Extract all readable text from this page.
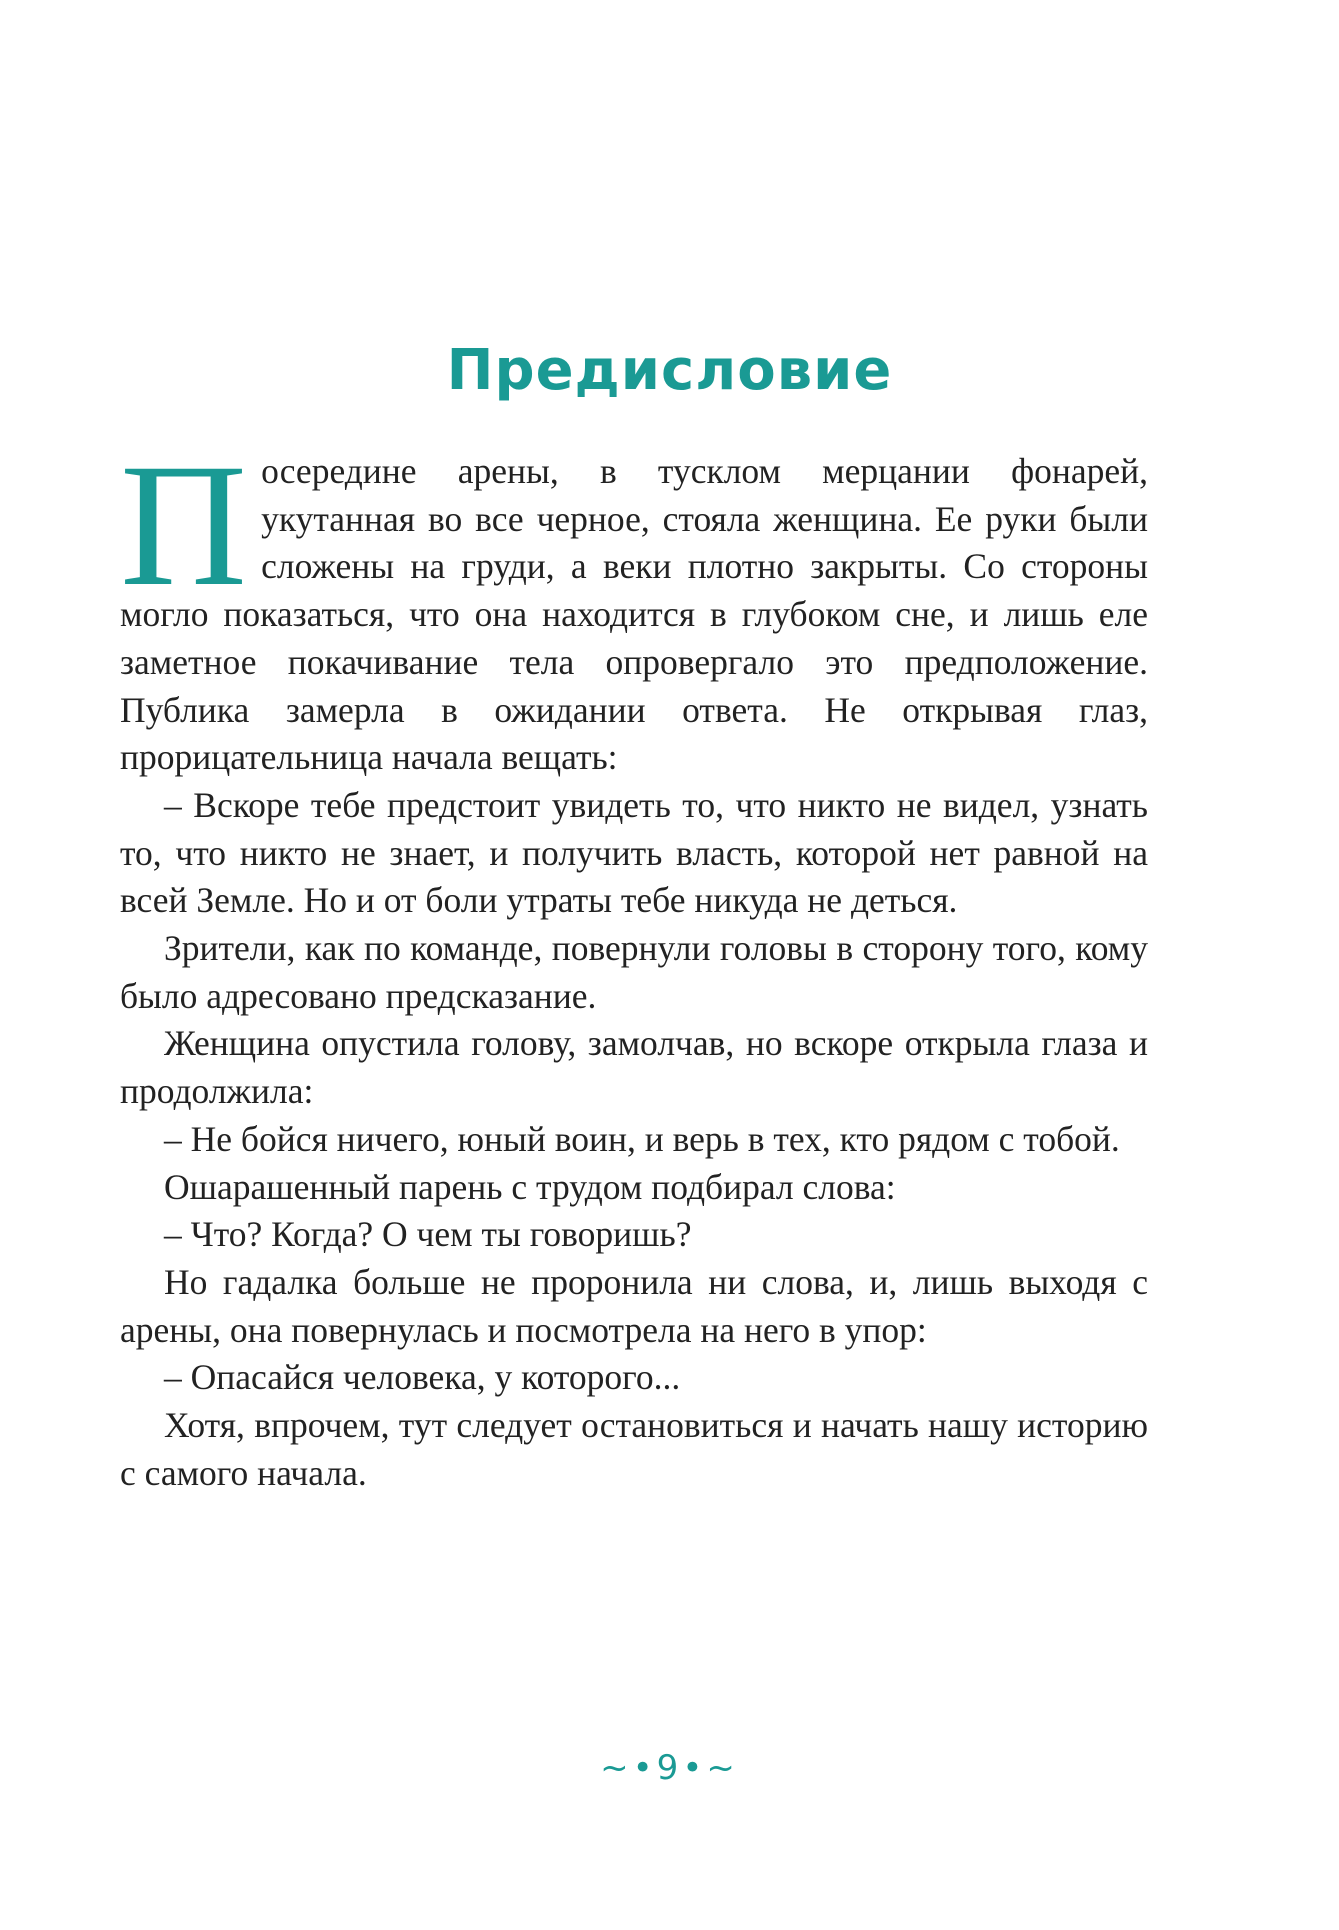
Предисловие

Посередине арены, в тусклом мерцании фонарей, укутанная во все черное, стояла женщина. Ее руки были сложены на груди, а веки плотно закрыты. Со стороны могло показаться, что она находится в глубоком сне, и лишь еле заметное покачивание тела опровергало это предположение. Публика замерла в ожидании ответа. Не открывая глаз, прорицательница начала вещать:

– Вскоре тебе предстоит увидеть то, что никто не видел, узнать то, что никто не знает, и получить власть, которой нет равной на всей Земле. Но и от боли утраты тебе никуда не деться.

Зрители, как по команде, повернули головы в сторону того, кому было адресовано предсказание.

Женщина опустила голову, замолчав, но вскоре открыла глаза и продолжила:

– Не бойся ничего, юный воин, и верь в тех, кто рядом с тобой.

Ошарашенный парень с трудом подбирал слова:

– Что? Когда? О чем ты говоришь?

Но гадалка больше не проронила ни слова, и, лишь выходя с арены, она повернулась и посмотрела на него в упор:

– Опасайся человека, у которого...

Хотя, впрочем, тут следует остановиться и начать нашу историю с самого начала.

~•9•~
